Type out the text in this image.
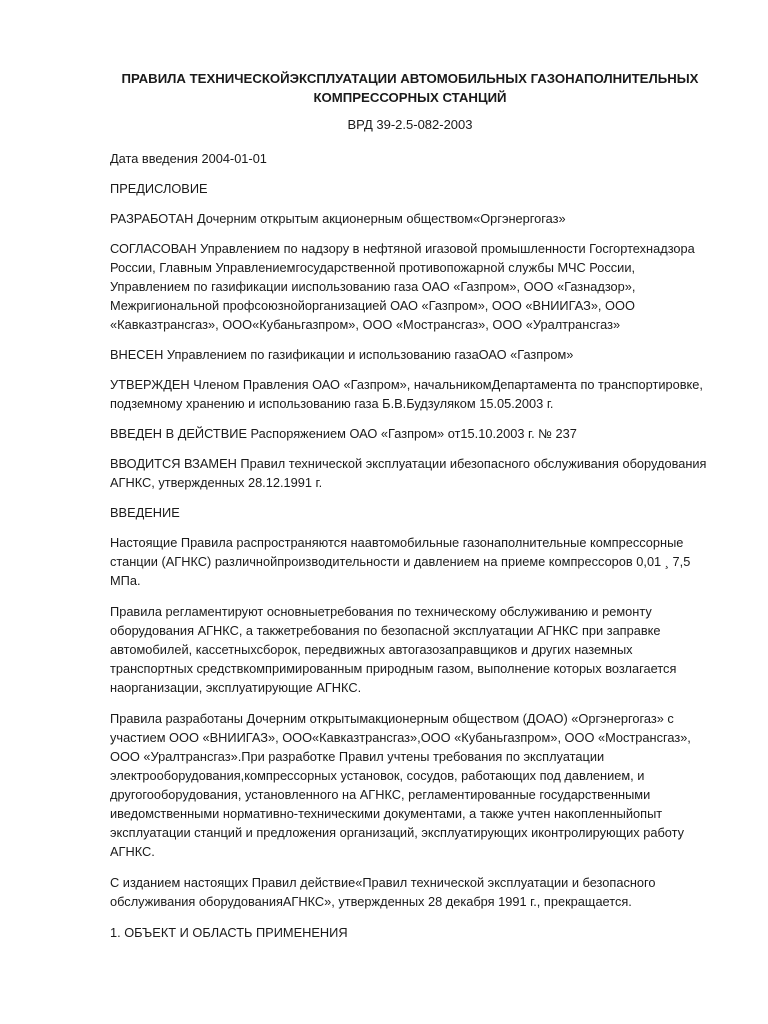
ПРАВИЛА ТЕХНИЧЕСКОЙЭКСПЛУАТАЦИИ АВТОМОБИЛЬНЫХ ГАЗОНАПОЛНИТЕЛЬНЫХ КОМПРЕССОРНЫХ СТАНЦИЙ
ВРД 39-2.5-082-2003

Дата введения 2004-01-01

ПРЕДИСЛОВИЕ

РАЗРАБОТАН Дочерним открытым акционерным обществом«Оргэнергогаз»

СОГЛАСОВАН Управлением по надзору в нефтяной игазовой промышленности Госгортехнадзора России, Главным Управлениемгосударственной противопожарной службы МЧС России, Управлением по газификации ииспользованию газа ОАО «Газпром», ООО «Газнадзор», Межригиональной профсоюзнойорганизацией ОАО «Газпром», ООО «ВНИИГАЗ», ООО «Кавказтрансгаз», ООО«Кубаньгазпром», ООО «Мострансгаз», ООО «Уралтрансгаз»

ВНЕСЕН Управлением по газификации и использованию газаОАО «Газпром»

УТВЕРЖДЕН Членом Правления ОАО «Газпром», начальникомДепартамента по транспортировке, подземному хранению и использованию газа Б.В.Будзуляком 15.05.2003 г.

ВВЕДЕН В ДЕЙСТВИЕ Распоряжением ОАО «Газпром» от15.10.2003 г. № 237

ВВОДИТСЯ ВЗАМЕН Правил технической эксплуатации ибезопасного обслуживания оборудования АГНКС, утвержденных 28.12.1991 г.

ВВЕДЕНИЕ

Настоящие Правила распространяются наавтомобильные газонаполнительные компрессорные станции (АГНКС) различнойпроизводительности и давлением на приеме компрессоров 0,01 ¸ 7,5 МПа.

Правила регламентируют основныетребования по техническому обслуживанию и ремонту оборудования АГНКС, а такжетребования по безопасной эксплуатации АГНКС при заправке автомобилей, кассетныхсборок, передвижных автогазозаправщиков и других наземных транспортных средствкомпримированным природным газом, выполнение которых возлагается наорганизации, эксплуатирующие АГНКС.

Правила разработаны Дочерним открытымакционерным обществом (ДОАО) «Оргэнергогаз» с участием ООО «ВНИИГАЗ», ООО«Кавказтрансгаз»,ООО «Кубаньгазпром», ООО «Мострансгаз», ООО «Уралтрансгаз».При разработке Правил учтены требования по эксплуатации электрооборудования,компрессорных установок, сосудов, работающих под давлением, и другогооборудования, установленного на АГНКС, регламентированные государственными иведомственными нормативно-техническими документами, а также учтен накопленныйопыт эксплуатации станций и предложения организаций, эксплуатирующих иконтролирующих работу АГНКС.

С изданием настоящих Правил действие«Правил технической эксплуатации и безопасного обслуживания оборудованияАГНКС», утвержденных 28 декабря 1991 г., прекращается.

1. ОБЪЕКТ И ОБЛАСТЬ ПРИМЕНЕНИЯ
